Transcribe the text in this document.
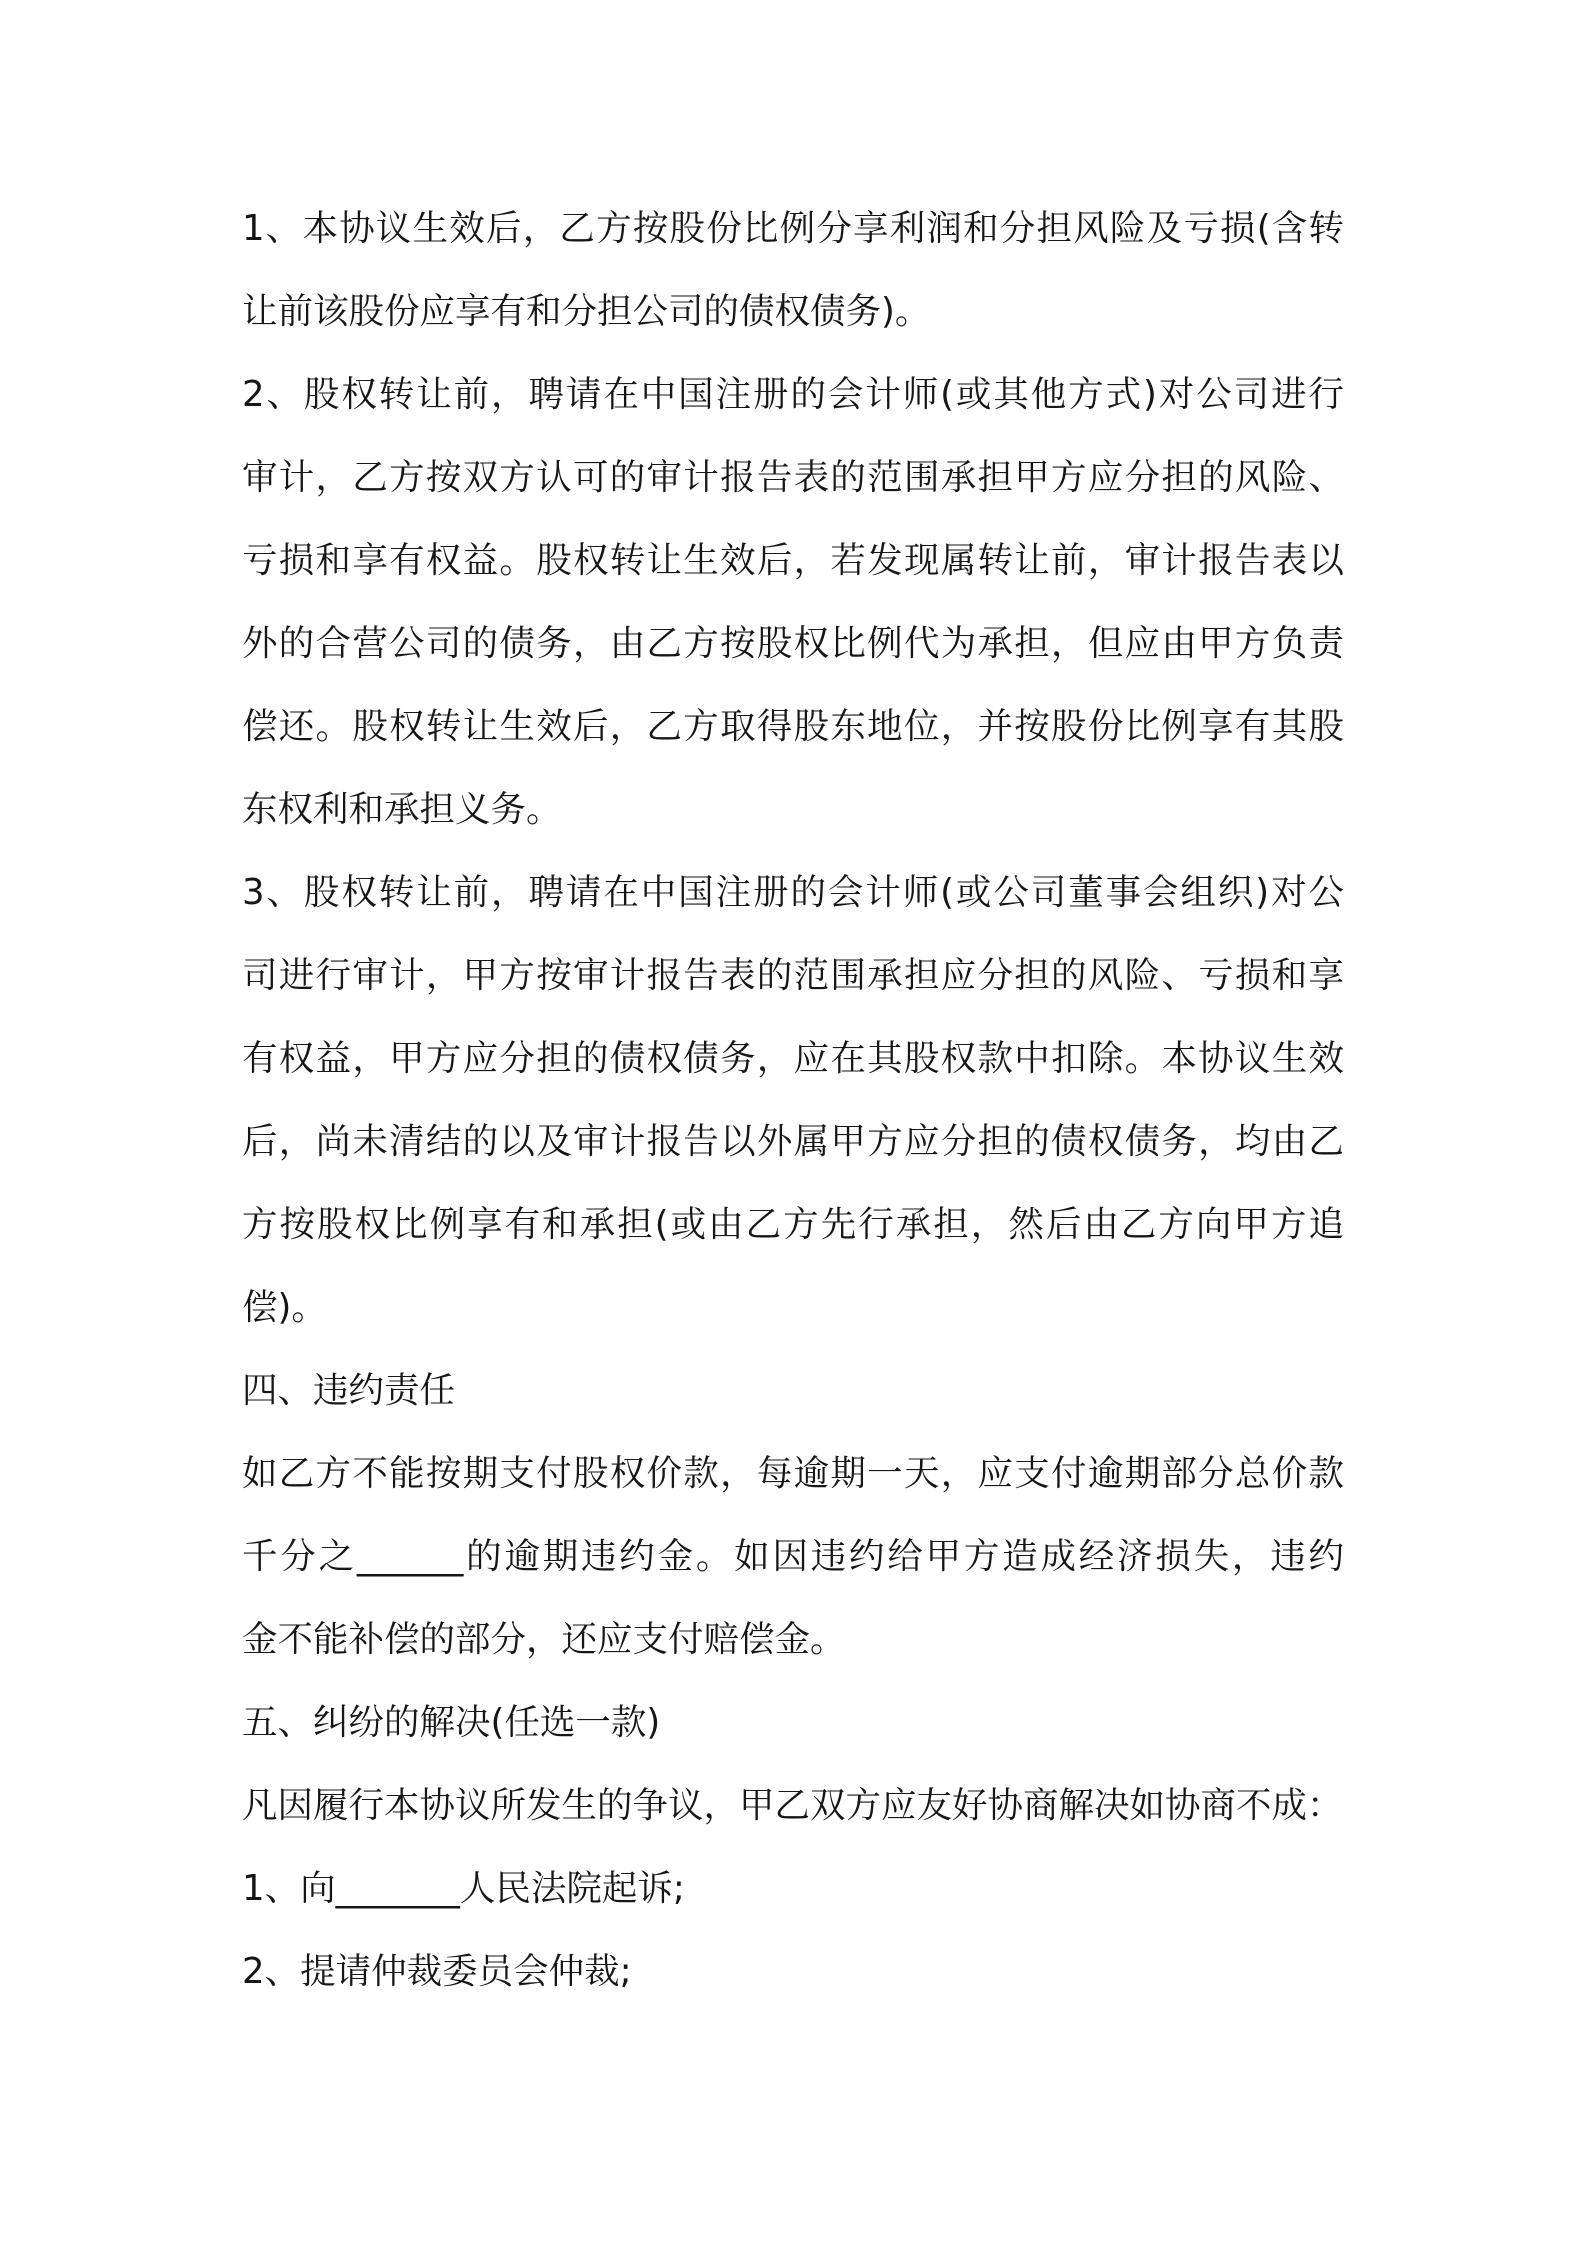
1、本协议生效后，乙方按股份比例分享利润和分担风险及亏损(含转
让前该股份应享有和分担公司的债权债务)。
2、股权转让前，聘请在中国注册的会计师(或其他方式)对公司进行
审计，乙方按双方认可的审计报告表的范围承担甲方应分担的风险、
亏损和享有权益。股权转让生效后，若发现属转让前，审计报告表以
外的合营公司的债务，由乙方按股权比例代为承担，但应由甲方负责
偿还。股权转让生效后，乙方取得股东地位，并按股份比例享有其股
东权利和承担义务。
3、股权转让前，聘请在中国注册的会计师(或公司董事会组织)对公
司进行审计，甲方按审计报告表的范围承担应分担的风险、亏损和享
有权益，甲方应分担的债权债务，应在其股权款中扣除。本协议生效
后，尚未清结的以及审计报告以外属甲方应分担的债权债务，均由乙
方按股权比例享有和承担(或由乙方先行承担，然后由乙方向甲方追
偿)。
四、违约责任
如乙方不能按期支付股权价款，每逾期一天，应支付逾期部分总价款
千分之______的逾期违约金。如因违约给甲方造成经济损失，违约
金不能补偿的部分，还应支付赔偿金。
五、纠纷的解决(任选一款)
凡因履行本协议所发生的争议，甲乙双方应友好协商解决如协商不成：
1、向_______人民法院起诉;
2、提请仲裁委员会仲裁;
